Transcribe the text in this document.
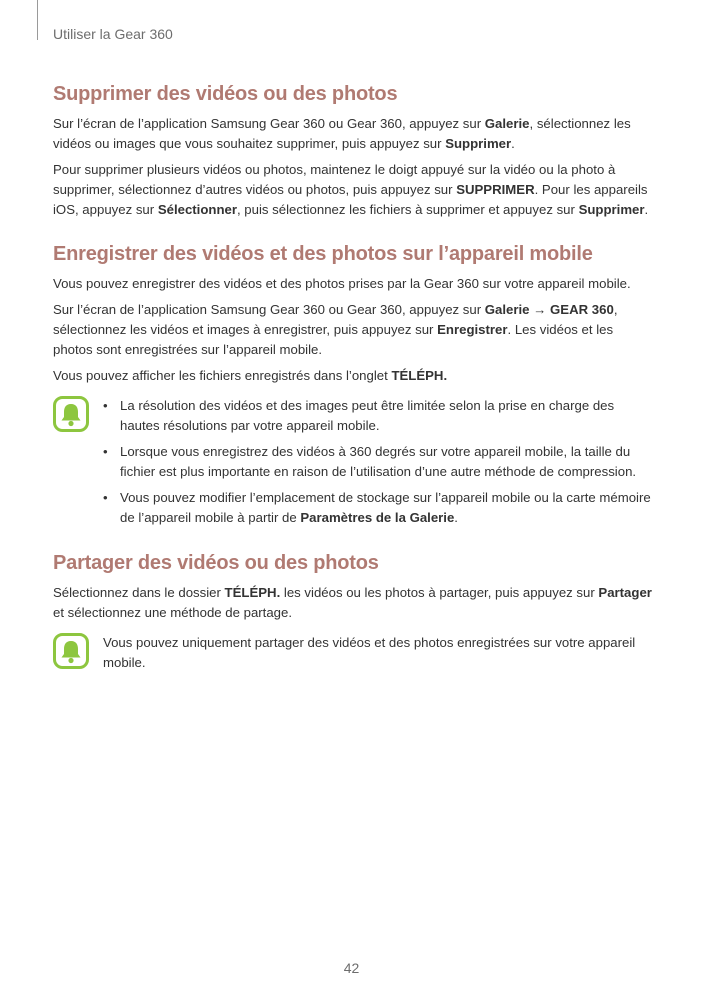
Utiliser la Gear 360
Supprimer des vidéos ou des photos

Sur l’écran de l’application Samsung Gear 360 ou Gear 360, appuyez sur Galerie, sélectionnez les vidéos ou images que vous souhaitez supprimer, puis appuyez sur Supprimer.

Pour supprimer plusieurs vidéos ou photos, maintenez le doigt appuyé sur la vidéo ou la photo à supprimer, sélectionnez d’autres vidéos ou photos, puis appuyez sur SUPPRIMER. Pour les appareils iOS, appuyez sur Sélectionner, puis sélectionnez les fichiers à supprimer et appuyez sur Supprimer.

Enregistrer des vidéos et des photos sur l’appareil mobile

Vous pouvez enregistrer des vidéos et des photos prises par la Gear 360 sur votre appareil mobile.

Sur l’écran de l’application Samsung Gear 360 ou Gear 360, appuyez sur Galerie → GEAR 360, sélectionnez les vidéos et images à enregistrer, puis appuyez sur Enregistrer. Les vidéos et les photos sont enregistrées sur l’appareil mobile.

Vous pouvez afficher les fichiers enregistrés dans l’onglet TÉLÉPH.

• La résolution des vidéos et des images peut être limitée selon la prise en charge des hautes résolutions par votre appareil mobile.
• Lorsque vous enregistrez des vidéos à 360 degrés sur votre appareil mobile, la taille du fichier est plus importante en raison de l’utilisation d’une autre méthode de compression.
• Vous pouvez modifier l’emplacement de stockage sur l’appareil mobile ou la carte mémoire de l’appareil mobile à partir de Paramètres de la Galerie.
Partager des vidéos ou des photos

Sélectionnez dans le dossier TÉLÉPH. les vidéos ou les photos à partager, puis appuyez sur Partager et sélectionnez une méthode de partage.

Vous pouvez uniquement partager des vidéos et des photos enregistrées sur votre appareil mobile.

42
